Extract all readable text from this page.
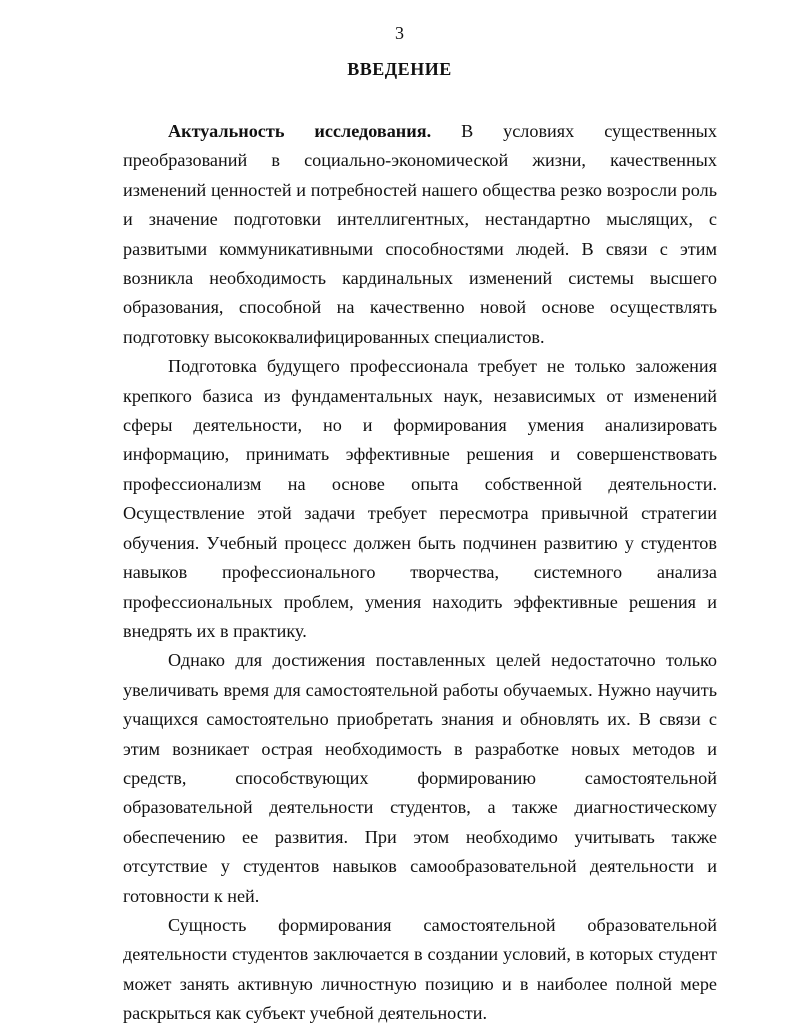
3
ВВЕДЕНИЕ

Актуальность исследования. В условиях существенных преобразований в социально-экономической жизни, качественных изменений ценностей и потребностей нашего общества резко возросли роль и значение подготовки интеллигентных, нестандартно мыслящих, с развитыми коммуникативными способностями людей. В связи с этим возникла необходимость кардинальных изменений системы высшего образования, способной на качественно новой основе осуществлять подготовку высококвалифицированных специалистов.

Подготовка будущего профессионала требует не только заложения крепкого базиса из фундаментальных наук, независимых от изменений сферы деятельности, но и формирования умения анализировать информацию, принимать эффективные решения и совершенствовать профессионализм на основе опыта собственной деятельности. Осуществление этой задачи требует пересмотра привычной стратегии обучения. Учебный процесс должен быть подчинен развитию у студентов навыков профессионального творчества, системного анализа профессиональных проблем, умения находить эффективные решения и внедрять их в практику.

Однако для достижения поставленных целей недостаточно только увеличивать время для самостоятельной работы обучаемых. Нужно научить учащихся самостоятельно приобретать знания и обновлять их. В связи с этим возникает острая необходимость в разработке новых методов и средств, способствующих формированию самостоятельной образовательной деятельности студентов, а также диагностическому обеспечению ее развития. При этом необходимо учитывать также отсутствие у студентов навыков самообразовательной деятельности и готовности к ней.

Сущность формирования самостоятельной образовательной деятельности студентов заключается в создании условий, в которых студент может занять активную личностную позицию и в наиболее полной мере раскрыться как субъект учебной деятельности.
